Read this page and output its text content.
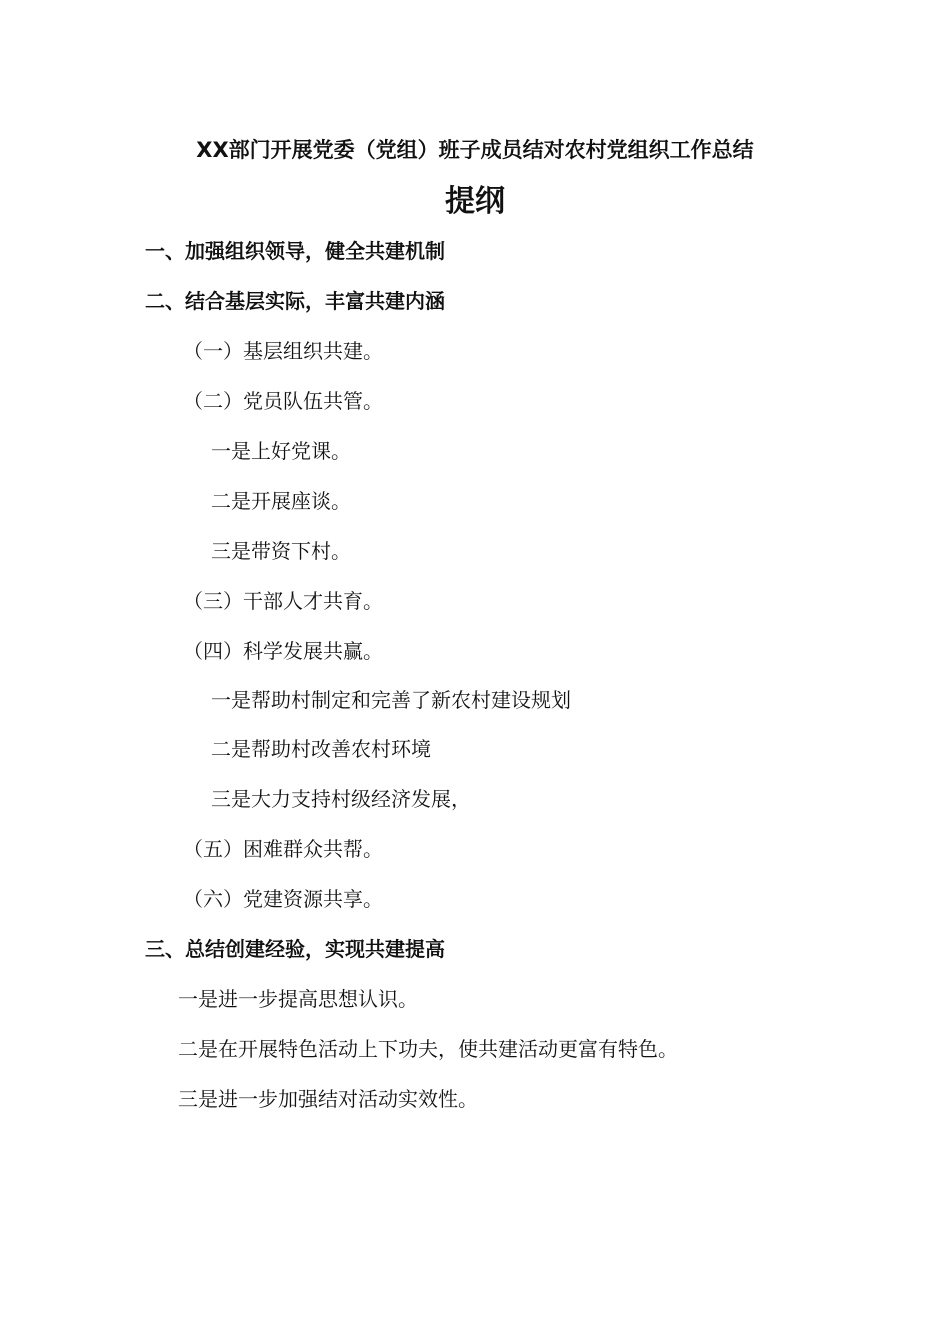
XX部门开展党委（党组）班子成员结对农村党组织工作总结
提纲
一、加强组织领导，健全共建机制
二、结合基层实际，丰富共建内涵
（一）基层组织共建。
（二）党员队伍共管。
一是上好党课。
二是开展座谈。
三是带资下村。
（三）干部人才共育。
（四）科学发展共赢。
一是帮助村制定和完善了新农村建设规划
二是帮助村改善农村环境
三是大力支持村级经济发展，
（五）困难群众共帮。
（六）党建资源共享。
三、总结创建经验，实现共建提高
一是进一步提高思想认识。
二是在开展特色活动上下功夫，使共建活动更富有特色。
三是进一步加强结对活动实效性。
